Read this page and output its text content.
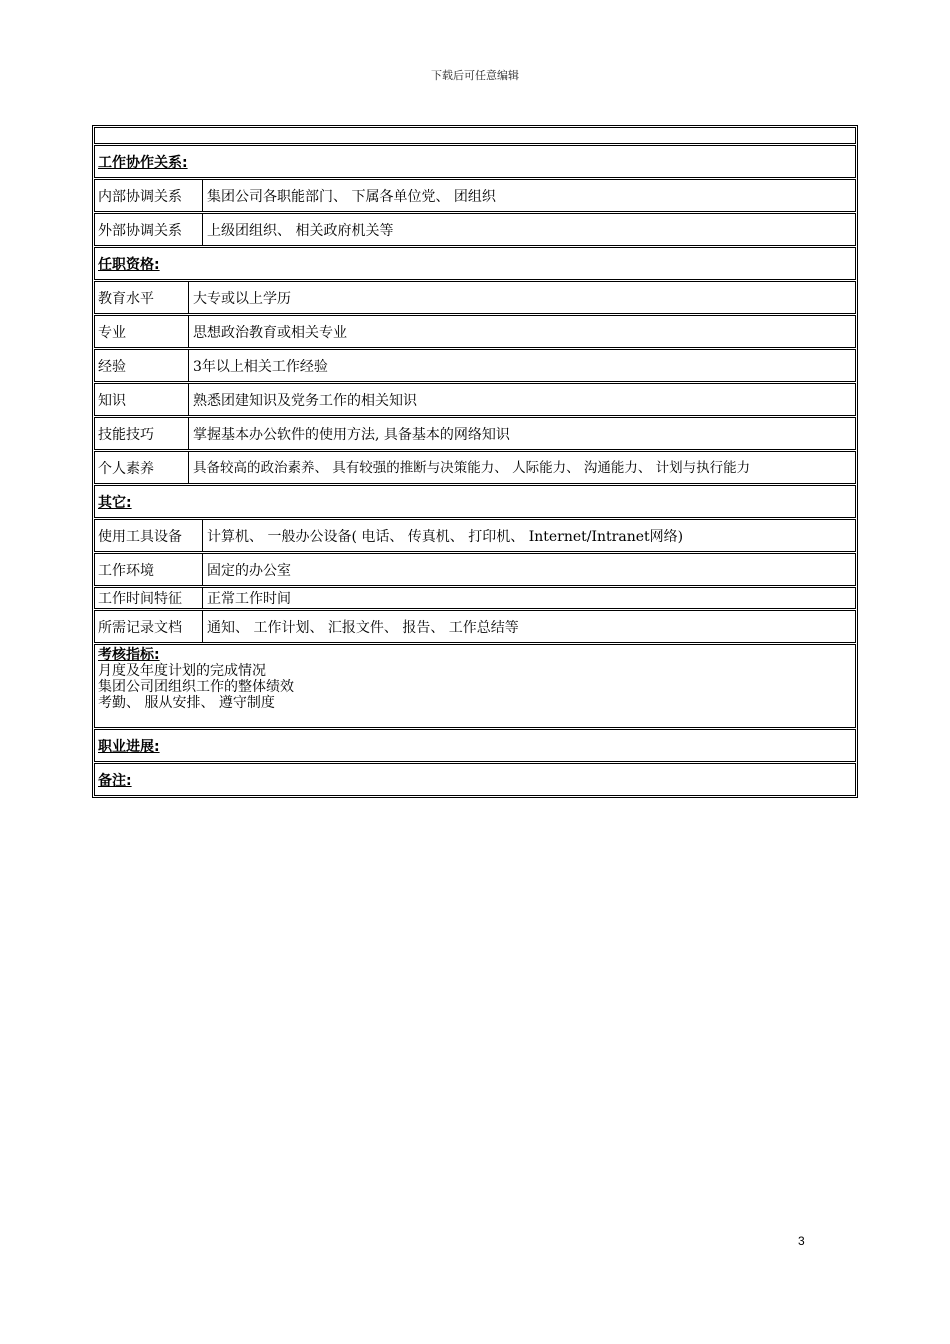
下载后可任意编辑
工作协作关系:
内部协调关系	集团公司各职能部门、 下属各单位党、 团组织
外部协调关系	上级团组织、 相关政府机关等
任职资格:
教育水平	大专或以上学历
专业	思想政治教育或相关专业
经验	3年以上相关工作经验
知识	熟悉团建知识及党务工作的相关知识
技能技巧	掌握基本办公软件的使用方法, 具备基本的网络知识
个人素养	具备较高的政治素养、 具有较强的推断与决策能力、 人际能力、 沟通能力、 计划与执行能力
其它:
使用工具设备	计算机、 一般办公设备( 电话、 传真机、 打印机、 Internet/Intranet网络)
工作环境	固定的办公室
工作时间特征	正常工作时间
所需记录文档	通知、 工作计划、 汇报文件、 报告、 工作总结等
考核指标:
月度及年度计划的完成情况
集团公司团组织工作的整体绩效
考勤、 服从安排、 遵守制度
职业进展:
备注:
3
